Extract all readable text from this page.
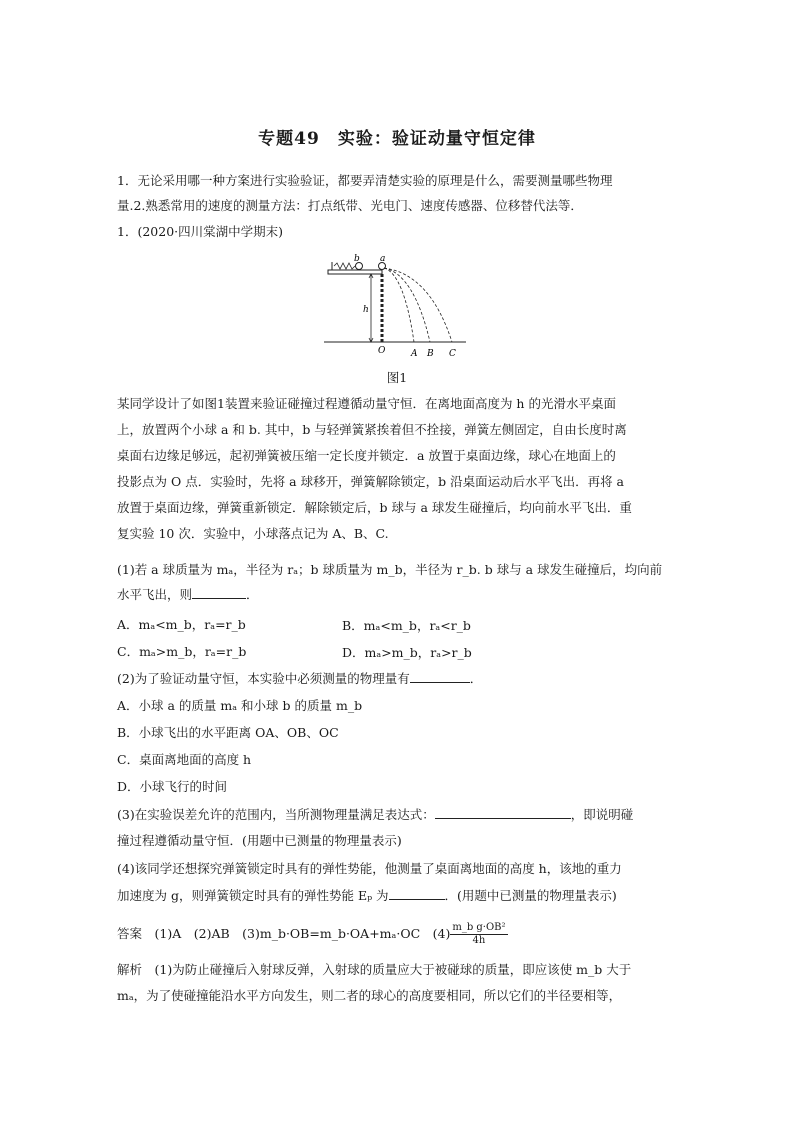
专题49　实验：验证动量守恒定律
1．无论采用哪一种方案进行实验验证，都要弄清楚实验的原理是什么，需要测量哪些物理
量.2.熟悉常用的速度的测量方法：打点纸带、光电门、速度传感器、位移替代法等．
1．(2020·四川棠湖中学期末)
b a
h
O	A B C
图1
某同学设计了如图1装置来验证碰撞过程遵循动量守恒．在离地面高度为 h 的光滑水平桌面
上，放置两个小球 a 和 b. 其中，b 与轻弹簧紧挨着但不拴接，弹簧左侧固定，自由长度时离
桌面右边缘足够远，起初弹簧被压缩一定长度并锁定．a 放置于桌面边缘，球心在地面上的
投影点为 O 点．实验时，先将 a 球移开，弹簧解除锁定，b 沿桌面运动后水平飞出．再将 a
放置于桌面边缘，弹簧重新锁定．解除锁定后，b 球与 a 球发生碰撞后，均向前水平飞出．重
复实验 10 次．实验中，小球落点记为 A、B、C.
(1)若 a 球质量为 mₐ，半径为 rₐ；b 球质量为 m_b，半径为 r_b. b 球与 a 球发生碰撞后，均向前
水平飞出，则	．
A．mₐ<m_b，rₐ=r_b	B．mₐ<m_b，rₐ<r_b
C．mₐ>m_b，rₐ=r_b	D．mₐ>m_b，rₐ>r_b
(2)为了验证动量守恒，本实验中必须测量的物理量有	．
A．小球 a 的质量 mₐ 和小球 b 的质量 m_b
B．小球飞出的水平距离 OA、OB、OC
C．桌面离地面的高度 h
D．小球飞行的时间
(3)在实验误差允许的范围内，当所测物理量满足表达式：	，即说明碰
撞过程遵循动量守恒．(用题中已测量的物理量表示)
(4)该同学还想探究弹簧锁定时具有的弹性势能，他测量了桌面离地面的高度 h，该地的重力
加速度为 g，则弹簧锁定时具有的弹性势能 Eₚ 为	．(用题中已测量的物理量表示)
答案　(1)A　(2)AB　(3)m_b·OB=m_b·OA+mₐ·OC　$(4) \frac{\text{m\_b g·OB²}}{4h}$
解析　(1)为防止碰撞后入射球反弹，入射球的质量应大于被碰球的质量，即应该使 m_b 大于
mₐ，为了使碰撞能沿水平方向发生，则二者的球心的高度要相同，所以它们的半径要相等，
